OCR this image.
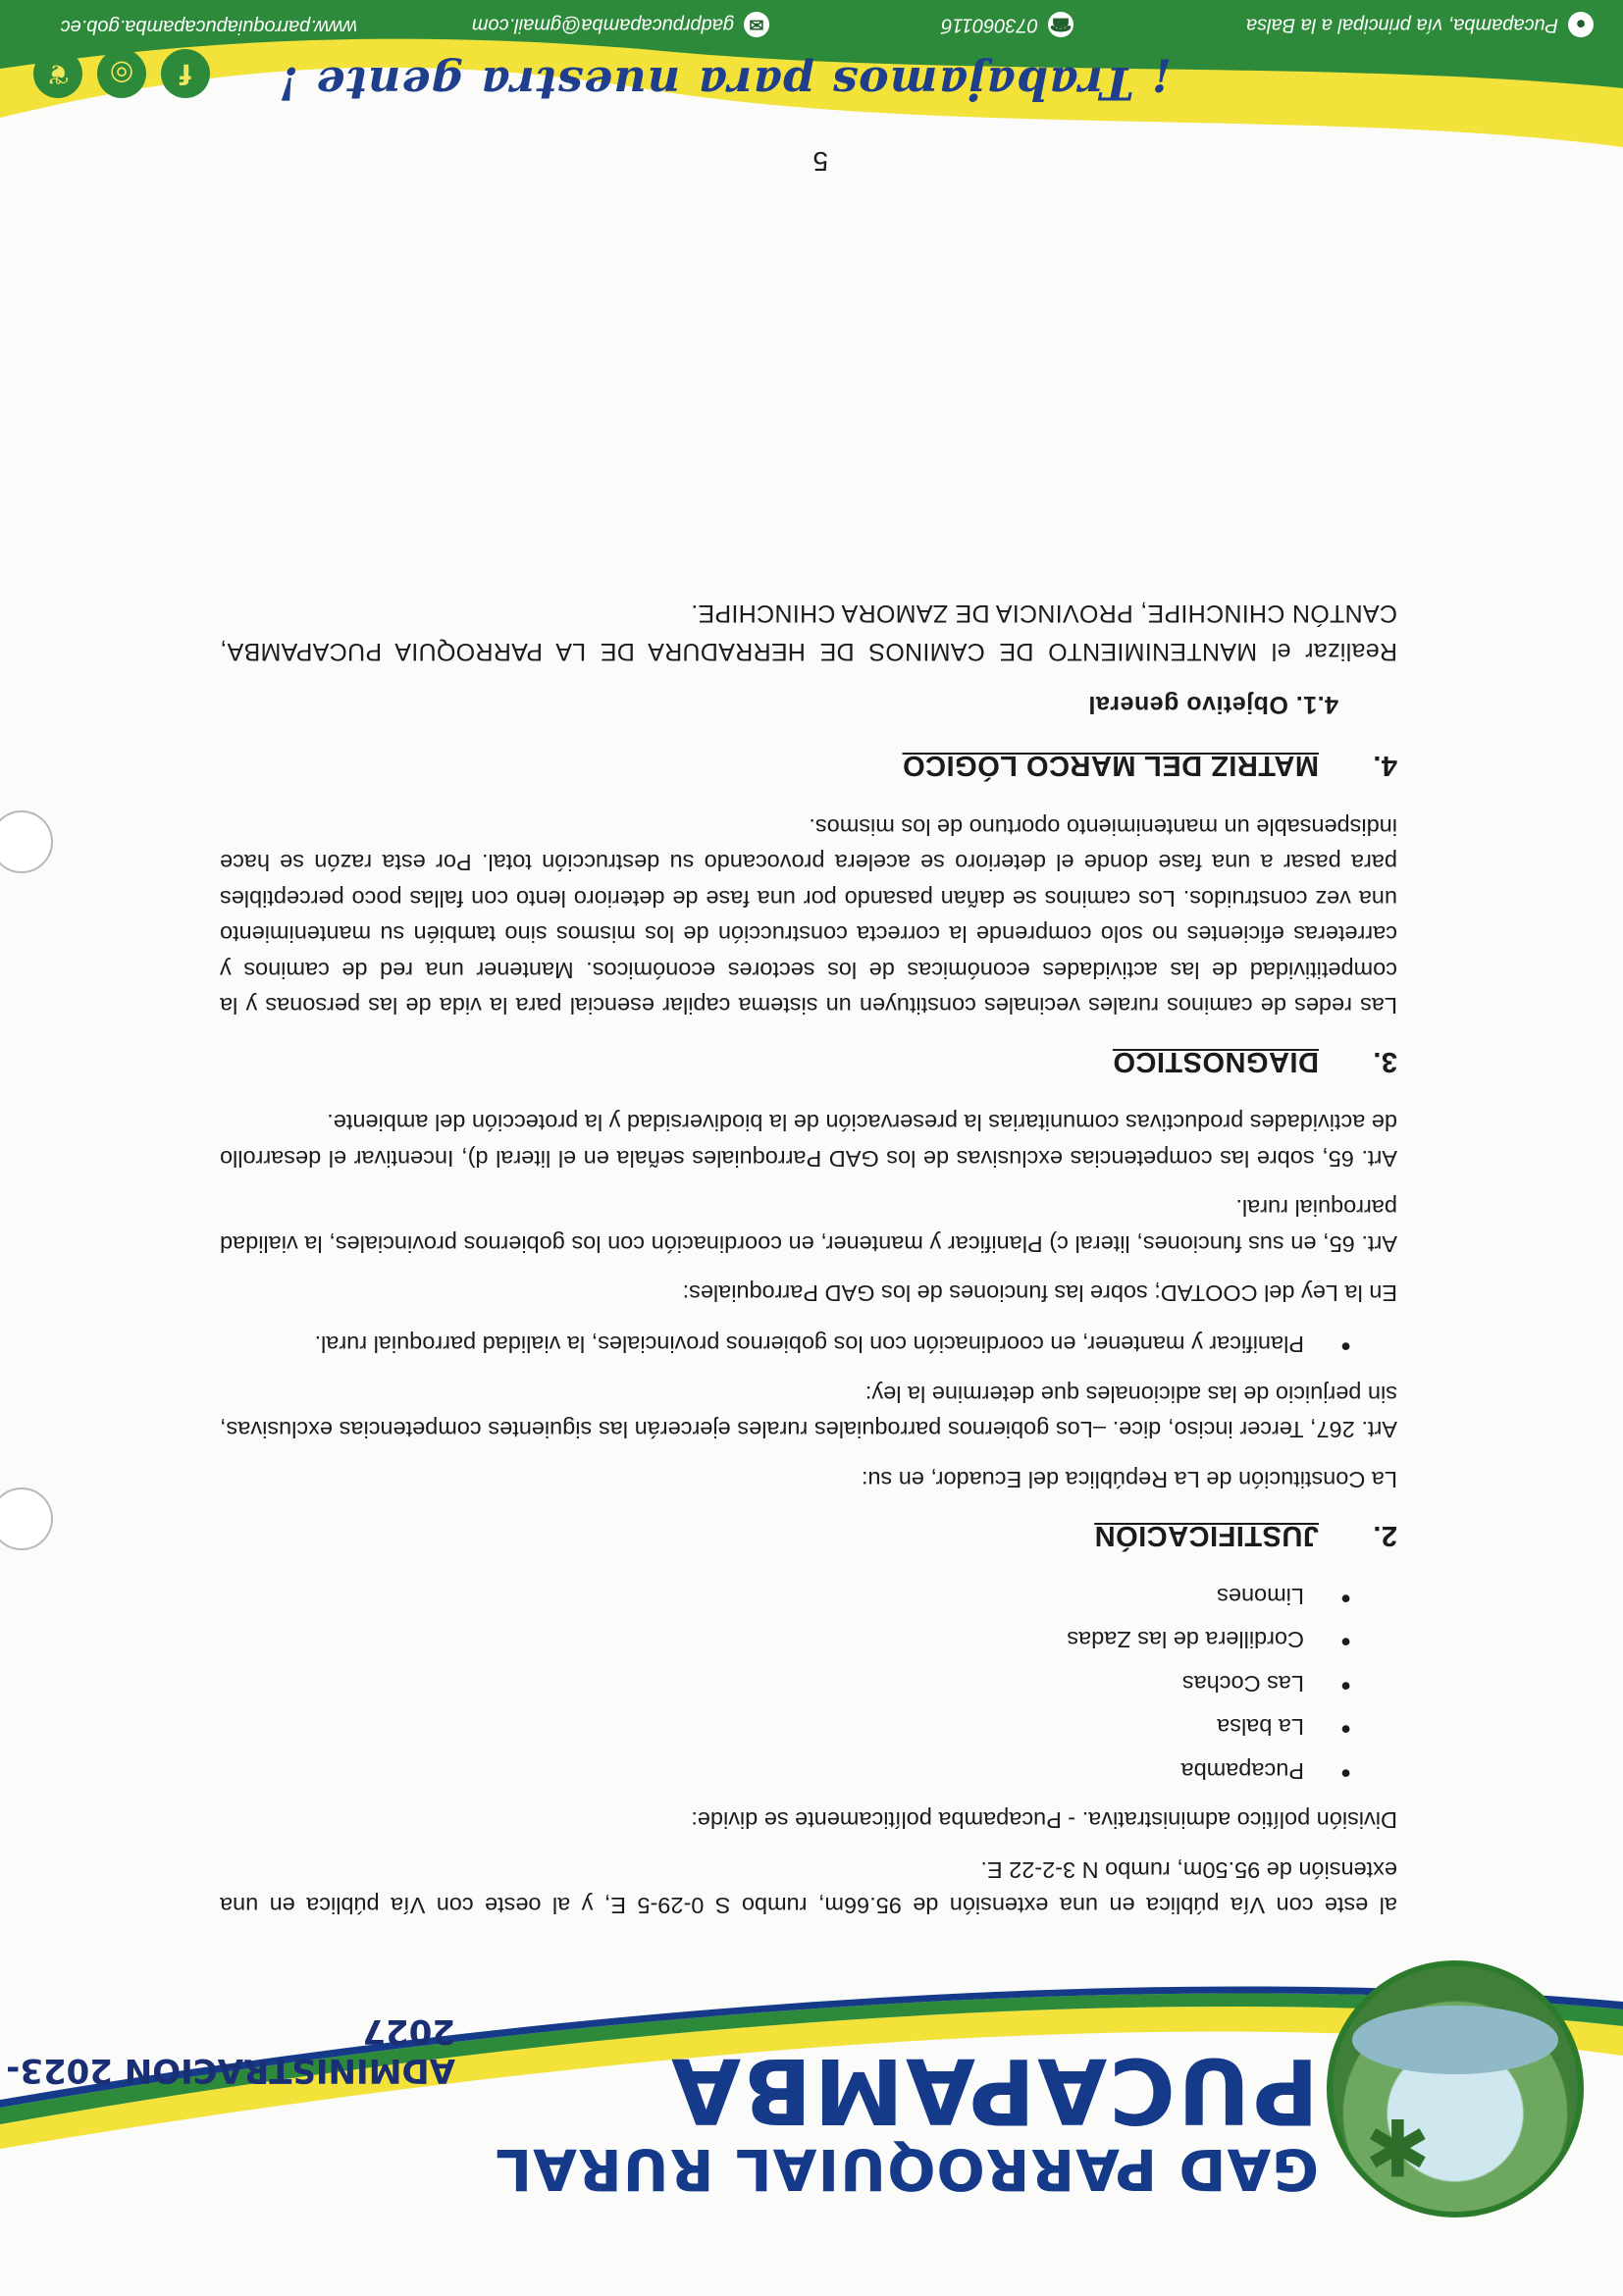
✱
GAD PARROQUIAL RURAL
PUCAPAMBA
ADMINISTRACION 2023-2027

al este con Vía pública en una extensión de 95.66m, rumbo S 0-29-5 E, y al oeste con Vía pública en una extensión de 95.50m, rumbo N 3-2-22 E.

División político administrativa. - Pucapamba políticamente se divide:

● Pucapamba
● La balsa
● Las Cochas
● Cordillera de las Zadas
● Limones
2.JUSTIFICACIÓN

La Constitución de La República del Ecuador, en su:

Art. 267, Tercer inciso, dice. –Los gobiernos parroquiales rurales ejercerán las siguientes competencias exclusivas, sin perjuicio de las adicionales que determine la ley:

● Planificar y mantener, en coordinación con los gobiernos provinciales, la vialidad parroquial rural.

En la Ley del COOTAD; sobre las funciones de los GAD Parroquiales:

Art. 65, en sus funciones, literal c) Planificar y mantener, en coordinación con los gobiernos provinciales, la vialidad parroquial rural.

Art. 65, sobre las competencias exclusivas de los GAD Parroquiales señala en el literal d), Incentivar el desarrollo de actividades productivas comunitarias la preservación de la biodiversidad y la protección del ambiente.

3.DIAGNOSTICO

Las redes de caminos rurales vecinales constituyen un sistema capilar esencial para la vida de las personas y la competitividad de las actividades económicas de los sectores económicos. Mantener una red de caminos y carreteras eficientes no solo comprende la correcta construcción de los mismos sino también su mantenimiento una vez construidos. Los caminos se dañan pasando por una fase de deterioro lento con fallas poco perceptibles para pasar a una fase donde el deterioro se acelera provocando su destrucción total. Por esta razón se hace indispensable un mantenimiento oportuno de los mismos.

4.MATRIZ DEL MARCO LÓGICO
4.1. Objetivo general

Realizar el MANTENIMIENTO DE CAMINOS DE HERRADURA DE LA PARROQUIA PUCAPAMBA, CANTÓN CHINCHIPE, PROVINCIA DE ZAMORA CHINCHIPE.

5
¡ Trabajamos para nuestra gente !
f
◎
❦
●Pucapamba, vía principal a la Balsa
☎07306011б
✉gadprpucapamba@gmail.com
www.parroquiapucapamba.gob.ec
